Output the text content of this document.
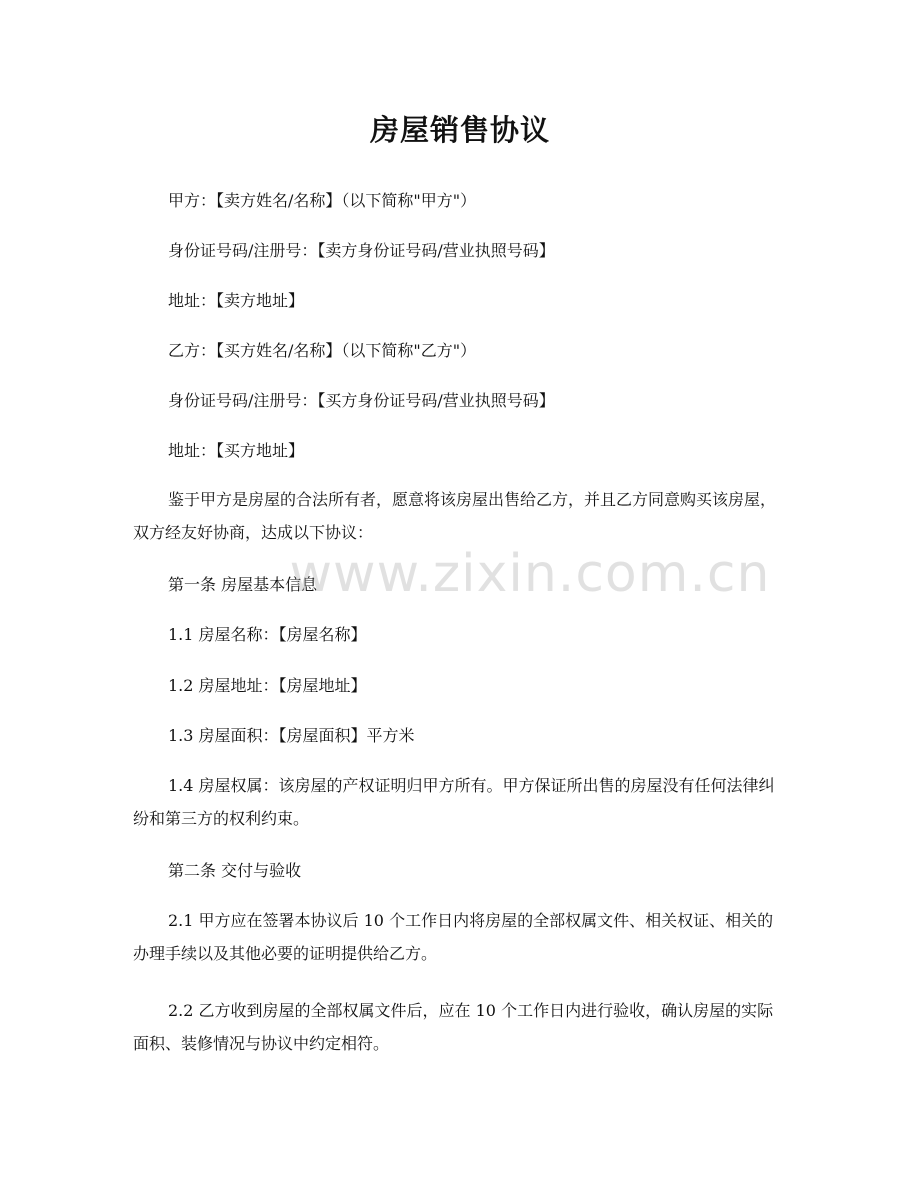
房屋销售协议

甲方：【卖方姓名/名称】（以下简称"甲方"）

身份证号码/注册号：【卖方身份证号码/营业执照号码】

地址：【卖方地址】

乙方：【买方姓名/名称】（以下简称"乙方"）

身份证号码/注册号：【买方身份证号码/营业执照号码】

地址：【买方地址】

鉴于甲方是房屋的合法所有者，愿意将该房屋出售给乙方，并且乙方同意购买该房屋，双方经友好协商，达成以下协议：

第一条 房屋基本信息

1.1 房屋名称：【房屋名称】

1.2 房屋地址：【房屋地址】

1.3 房屋面积：【房屋面积】平方米

1.4 房屋权属：该房屋的产权证明归甲方所有。甲方保证所出售的房屋没有任何法律纠纷和第三方的权利约束。

第二条 交付与验收

2.1 甲方应在签署本协议后 10 个工作日内将房屋的全部权属文件、相关权证、相关的办理手续以及其他必要的证明提供给乙方。

2.2 乙方收到房屋的全部权属文件后，应在 10 个工作日内进行验收，确认房屋的实际面积、装修情况与协议中约定相符。

www.zixin.com.cn
